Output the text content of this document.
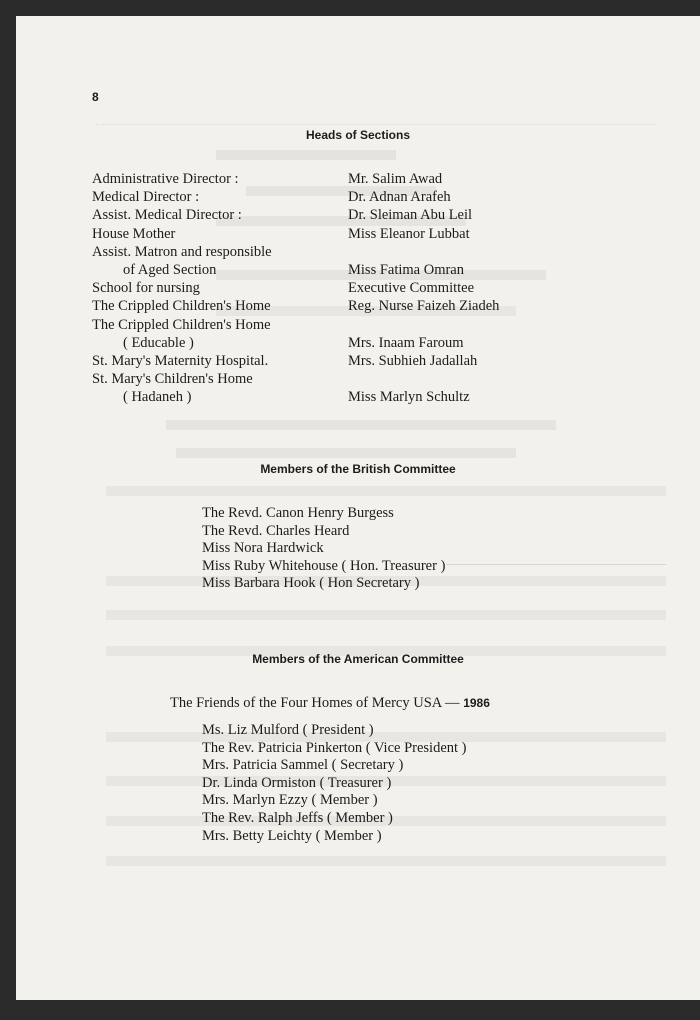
8
Heads of Sections
Administrative Director :	Mr. Salim Awad
Medical Director :	Dr. Adnan Arafeh
Assist. Medical Director :	Dr. Sleiman Abu Leil
House Mother	Miss Eleanor Lubbat
Assist. Matron and responsible
of Aged Section	Miss Fatima Omran
School for nursing	Executive Committee
The Crippled Children's Home	Reg. Nurse Faizeh Ziadeh
The Crippled Children's Home
( Educable )	Mrs. Inaam Faroum
St. Mary's Maternity Hospital.	Mrs. Subhieh Jadallah
St. Mary's Children's Home
( Hadaneh )	Miss Marlyn Schultz
Members of the British Committee
The Revd. Canon Henry Burgess
The Revd. Charles Heard
Miss Nora Hardwick
Miss Ruby Whitehouse ( Hon. Treasurer )
Miss Barbara Hook ( Hon Secretary )
Members of the American Committee
The Friends of the Four Homes of Mercy USA — 1986
Ms. Liz Mulford ( President )
The Rev. Patricia Pinkerton ( Vice President )
Mrs. Patricia Sammel ( Secretary )
Dr. Linda Ormiston ( Treasurer )
Mrs. Marlyn Ezzy ( Member )
The Rev. Ralph Jeffs ( Member )
Mrs. Betty Leichty ( Member )
